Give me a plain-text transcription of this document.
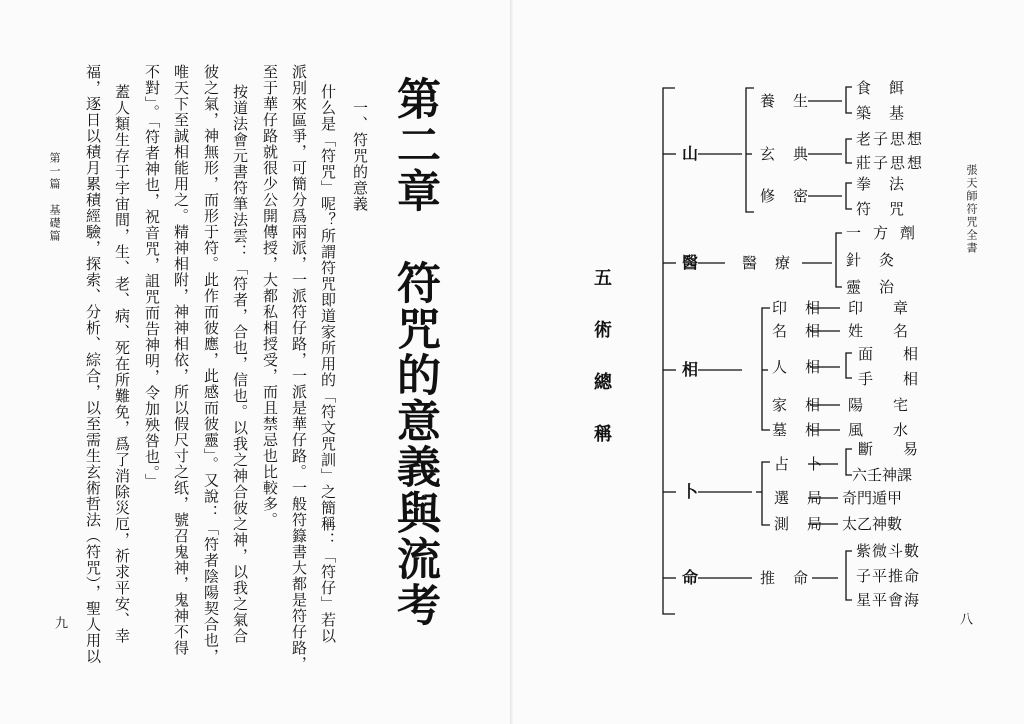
第一篇　基礎篇
九 福，逐日以積月累積經驗，探索、分析、綜合，以至需生玄術哲法（符咒），聖人用以 蓋人類生存于宇宙間，生、老、病、死在所難免，爲了消除災厄，祈求平安、幸 不對」。「符者神也，祝音咒，詛咒而告神明，令加殃咎也。」 唯天下至誠相能用之。精神相附，神神相依，所以假尺寸之纸，號召鬼神，鬼神不得 彼之氣，神無形，而形于符。此作而彼應，此感而彼靈」。又說：「符者陰陽契合也， 按道法會元書符筆法雲：「符者，合也，信也。以我之神合彼之神，以我之氣合 至于華仔路就很少公開傳授，大都私相授受，而且禁忌也比較多。 派別來區爭，可簡分爲兩派，一派符仔路，一派是華仔路。一般符籙書大都是符仔路， 什么是「符咒」呢？所謂符咒即道家所用的「符文咒訓」之簡稱：「符仔」若以 一、符咒的意義 第二章　符咒的意義與流考	張天師符咒全書
八
五術總稱
山
醫
相
卜
命
養生
玄典
修密
食餌
築基
老子思想
莊子思想
拳法
符咒
醫療
一方劑
針灸
靈治
印相
名相
人相
家相
墓相
印章
姓名
面相
手相
陽宅
風水
占卜
選局
測局
斷易
六壬神課
奇門遁甲
太乙神數
推命
紫微斗數
子平推命
星平會海
